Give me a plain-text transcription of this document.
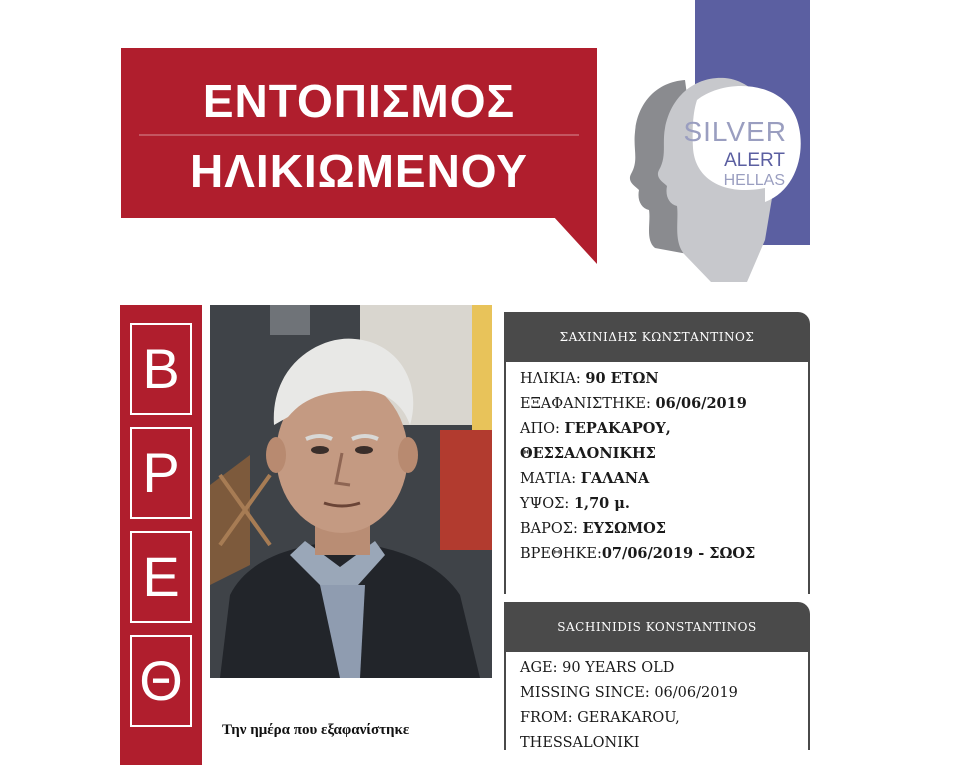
ΕΝΤΟΠΙΣΜΟΣ
ΗΛΙΚΙΩΜΕΝΟΥ
SILVER
ALERT
HELLAS
Β
Ρ
Ε
Θ
Την ημέρα που εξαφανίστηκε
ΣΑΧΙΝΙΔΗΣ ΚΩΝΣΤΑΝΤΙΝΟΣ
ΗΛΙΚΙΑ: 90 ΕΤΩΝ
ΕΞΑΦΑΝΙΣΤΗΚΕ: 06/06/2019
ΑΠΟ: ΓΕΡΑΚΑΡΟΥ,
ΘΕΣΣΑΛΟΝΙΚΗΣ
ΜΑΤΙΑ: ΓΑΛΑΝΑ
ΥΨΟΣ: 1,70 μ.
ΒΑΡΟΣ: ΕΥΣΩΜΟΣ
ΒΡΕΘΗΚΕ:07/06/2019 - ΣΩΟΣ
SACHINIDIS KONSTANTINOS
AGE: 90 YEARS OLD
MISSING SINCE: 06/06/2019
FROM: GERAKAROU,
THESSALONIKI
